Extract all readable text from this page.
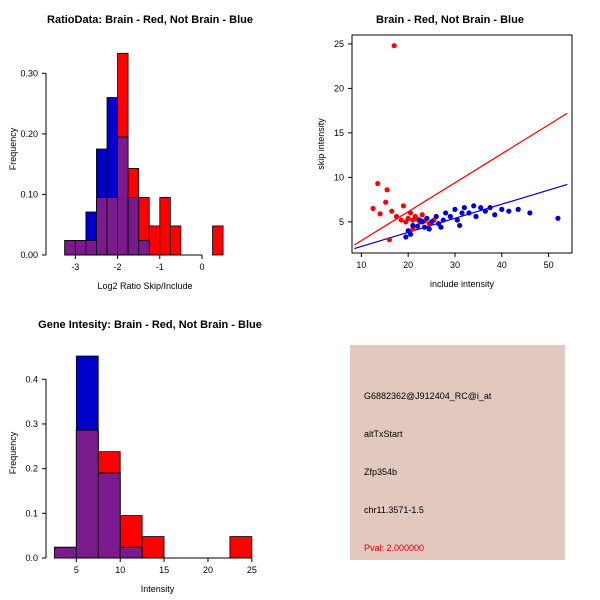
RatioData: Brain - Red, Not Brain - Blue
-3	-2	-1	0
0.00
0.10
0.20
0.30
Log2 Ratio Skip/Include
Frequency
Brain - Red, Not Brain - Blue
10	20	30	40	50
5
10
15
20
25
include intensity
skip intensity
Gene Intesity: Brain - Red, Not Brain - Blue
5	10	15	20	25
0.0
0.1
0.2
0.3
0.4
Intensity
Frequency
G6882362@J912404_RC@i_at
altTxStart
Zfp354b
chr11.3571-1.5
Pval: 2.000000
